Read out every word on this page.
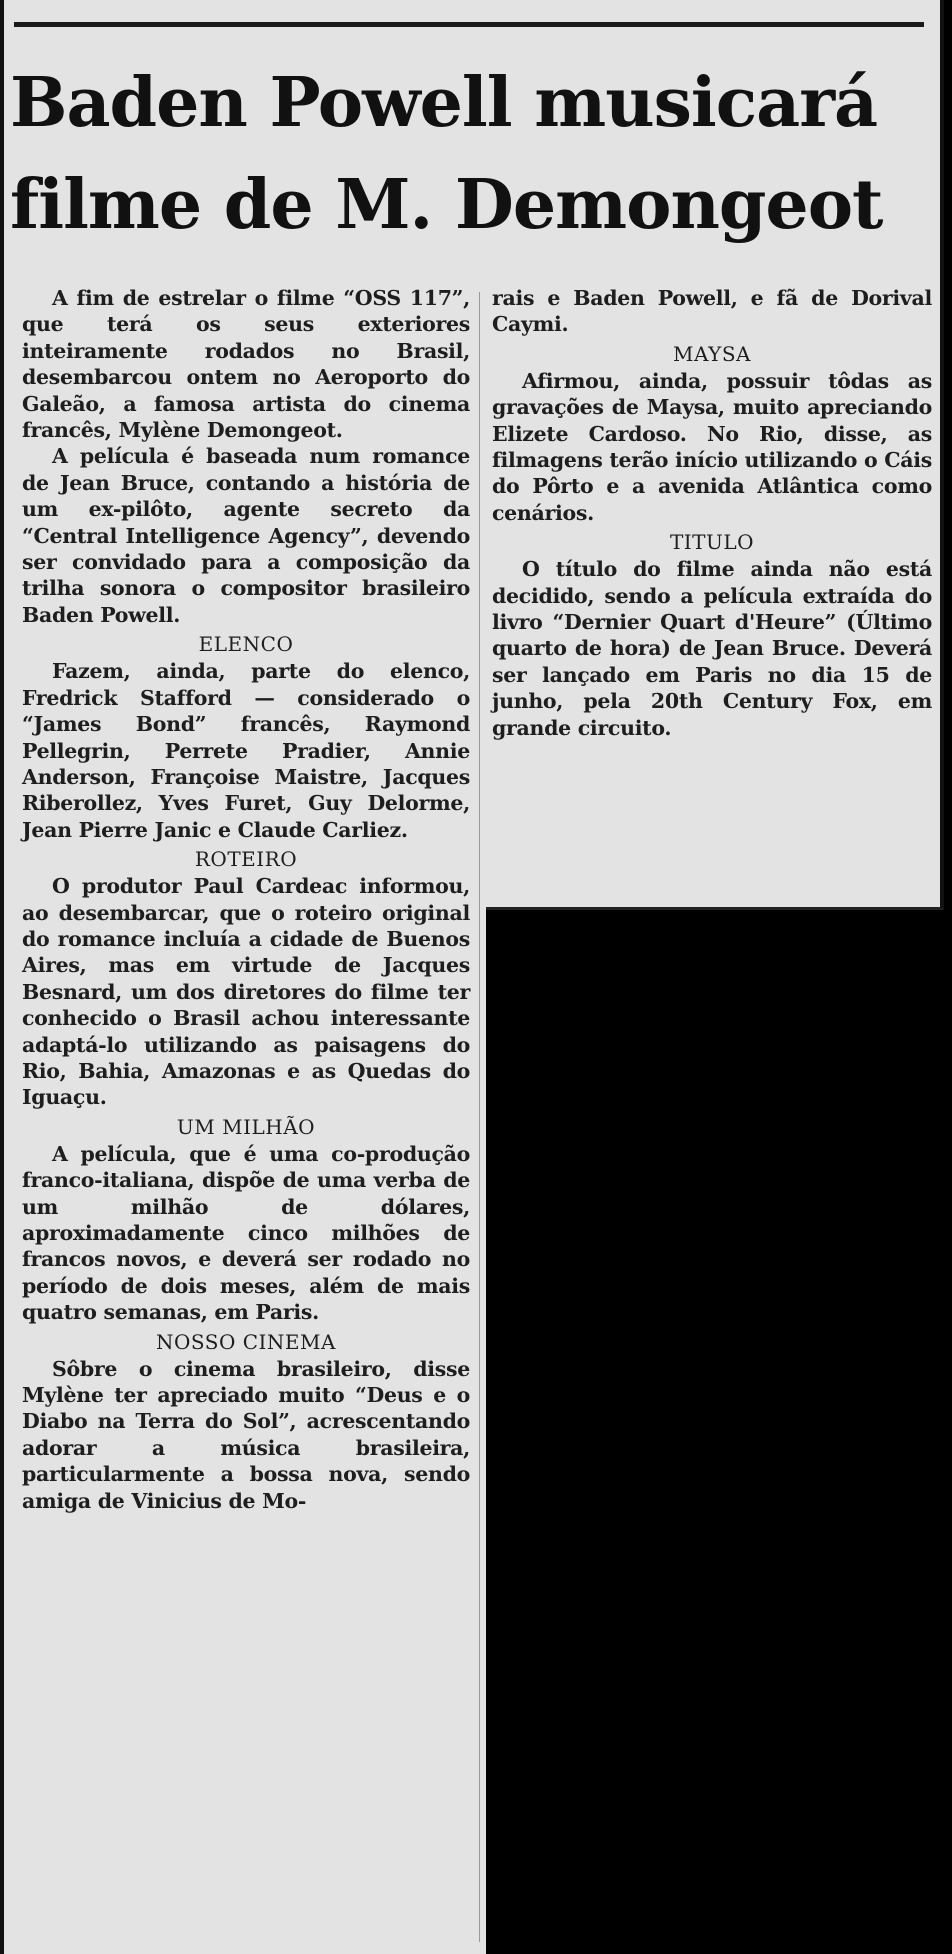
Baden Powell musicará
filme de M. Demongeot

A fim de estrelar o filme “OSS 117”, que terá os seus exteriores inteiramente rodados no Brasil, desembarcou ontem no Aeroporto do Galeão, a famosa artista do cinema francês, Mylène Demongeot.

A película é baseada num romance de Jean Bruce, contando a história de um ex-pilôto, agente secreto da “Central Intelligence Agency”, devendo ser convidado para a composição da trilha sonora o compositor brasileiro Baden Powell.

ELENCO

Fazem, ainda, parte do elenco, Fredrick Stafford — considerado o “James Bond” francês, Raymond Pellegrin, Perrete Pradier, Annie Anderson, Françoise Maistre, Jacques Riberollez, Yves Furet, Guy Delorme, Jean Pierre Janic e Claude Carliez.

ROTEIRO

O produtor Paul Cardeac informou, ao desembarcar, que o roteiro original do romance incluía a cidade de Buenos Aires, mas em virtude de Jacques Besnard, um dos diretores do filme ter conhecido o Brasil achou interessante adaptá-lo utilizando as paisagens do Rio, Bahia, Amazonas e as Quedas do Iguaçu.

UM MILHÃO

A película, que é uma co-produção franco-italiana, dispõe de uma verba de um milhão de dólares, aproximadamente cinco milhões de francos novos, e deverá ser rodado no período de dois meses, além de mais quatro semanas, em Paris.

NOSSO CINEMA

Sôbre o cinema brasileiro, disse Mylène ter apreciado muito “Deus e o Diabo na Terra do Sol”, acrescentando adorar a música brasileira, particularmente a bossa nova, sendo amiga de Vinicius de Mo-

rais e Baden Powell, e fã de Dorival Caymi.

MAYSA

Afirmou, ainda, possuir tôdas as gravações de Maysa, muito apreciando Elizete Cardoso. No Rio, disse, as filmagens terão início utilizando o Cáis do Pôrto e a avenida Atlântica como cenários.

TITULO

O título do filme ainda não está decidido, sendo a película extraída do livro “Dernier Quart d'Heure” (Último quarto de hora) de Jean Bruce. Deverá ser lançado em Paris no dia 15 de junho, pela 20th Century Fox, em grande circuito.
